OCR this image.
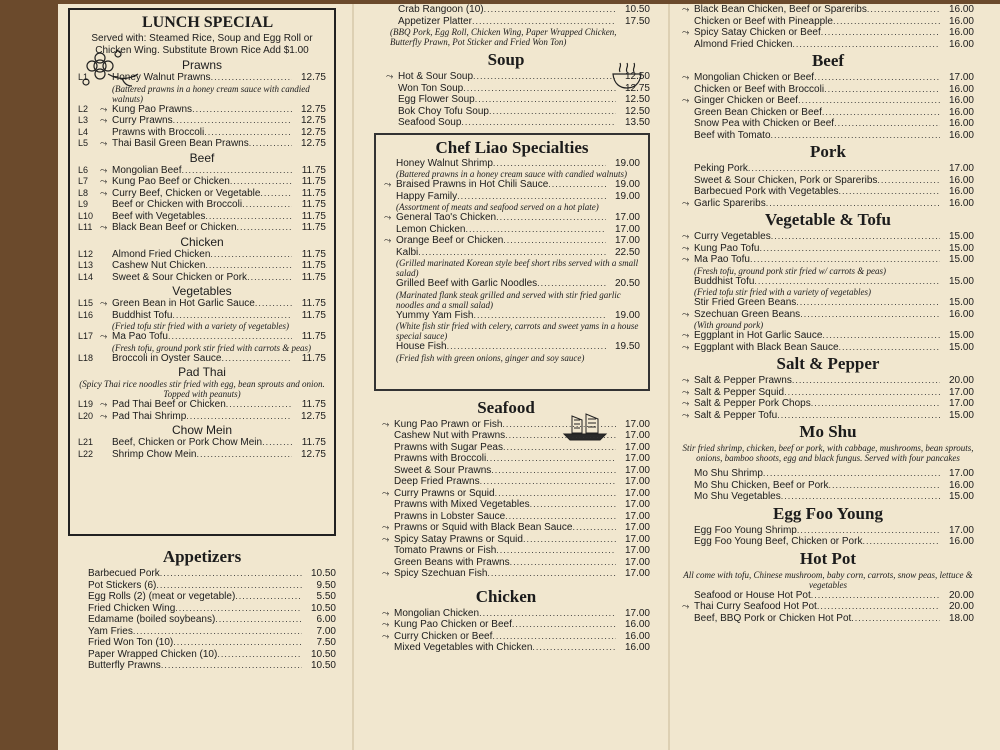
LUNCH SPECIAL
Served with: Steamed Rice, Soup and Egg Roll or Chicken Wing. Substitute Brown Rice Add $1.00
Prawns
L1	Honey Walnut Prawns .....	12.75
(Battered prawns in a honey cream sauce with candied walnuts)
L2	⤳ Kung Pao Prawns .....	12.75
L3	⤳ Curry Prawns .....	12.75
L4	Prawns with Broccoli .....	12.75
L5	⤳ Thai Basil Green Bean Prawns .....	12.75
Beef
L6	⤳ Mongolian Beef .....	11.75
L7	⤳ Kung Pao Beef or Chicken .....	11.75
L8	⤳ Curry Beef, Chicken or Vegetable .....	11.75
L9	Beef or Chicken with Broccoli .....	11.75
L10	Beef with Vegetables .....	11.75
L11 ⤳ Black Bean Beef or Chicken .....	11.75
Chicken
L12	Almond Fried Chicken .....	11.75
L13	Cashew Nut Chicken .....	11.75
L14	Sweet & Sour Chicken or Pork .....	11.75
Vegetables
L15 ⤳ Green Bean in Hot Garlic Sauce .....	11.75
L16	Buddhist Tofu .....	11.75
(Fried tofu stir fried with a variety of vegetables)
L17 ⤳ Ma Pao Tofu .....	11.75
(Fresh tofu, ground pork stir fried with carrots & peas)
L18	Broccoli in Oyster Sauce .....	11.75
Pad Thai
(Spicy Thai rice noodles stir fried with egg, bean sprouts and onion. Topped with peanuts)
L19 ⤳ Pad Thai Beef or Chicken .....	11.75
L20 ⤳ Pad Thai Shrimp .....	12.75
Chow Mein
L21	Beef, Chicken or Pork Chow Mein .....	11.75
L22	Shrimp Chow Mein .....	12.75
Appetizers
Barbecued Pork .....	10.50
Pot Stickers (6) .....	9.50
Egg Rolls (2) (meat or vegetable) .....	5.50
Fried Chicken Wing .....	10.50
Edamame (boiled soybeans) .....	6.00
Yam Fries .....	7.00
Fried Won Ton (10) .....	7.50
Paper Wrapped Chicken (10) .....	10.50
Butterfly Prawns .....	10.50
Crab Rangoon (10) .....	10.50
Appetizer Platter .....	17.50
(BBQ Pork, Egg Roll, Chicken Wing, Paper Wrapped Chicken, Butterfly Prawn, Pot Sticker and Fried Won Ton)
Soup
⤳ Hot & Sour Soup .....	12.50
Won Ton Soup .....	12.75
Egg Flower Soup .....	12.50
Bok Choy Tofu Soup .....	12.50
Seafood Soup .....	13.50
Chef Liao Specialties
Honey Walnut Shrimp .....	19.00
(Battered prawns in a honey cream sauce with candied walnuts)
⤳ Braised Prawns in Hot Chili Sauce .....	19.00
Happy Family .....	19.00
(Assortment of meats and seafood served on a hot plate)
⤳ General Tao's Chicken .....	17.00
Lemon Chicken .....	17.00
⤳ Orange Beef or Chicken .....	17.00
Kalbi .....	22.50
(Grilled marinated Korean style beef short ribs served with a small salad)
Grilled Beef with Garlic Noodles .....	20.50
(Marinated flank steak grilled and served with stir fried garlic noodles and a small salad)
Yummy Yam Fish .....	19.00
(White fish stir fried with celery, carrots and sweet yams in a house special sauce)
House Fish .....	19.50
(Fried fish with green onions, ginger and soy sauce)
Seafood
⤳ Kung Pao Prawn or Fish .....	17.00
Cashew Nut with Prawns .....	17.00
Prawns with Sugar Peas .....	17.00
Prawns with Broccoli .....	17.00
Sweet & Sour Prawns .....	17.00
Deep Fried Prawns .....	17.00
⤳ Curry Prawns or Squid .....	17.00
Prawns with Mixed Vegetables .....	17.00
Prawns in Lobster Sauce .....	17.00
⤳ Prawns or Squid with Black Bean Sauce .....	17.00
⤳ Spicy Satay Prawns or Squid .....	17.00
Tomato Prawns or Fish .....	17.00
Green Beans with Prawns .....	17.00
⤳ Spicy Szechuan Fish .....	17.00
Chicken
⤳ Mongolian Chicken .....	17.00
⤳ Kung Pao Chicken or Beef .....	16.00
⤳ Curry Chicken or Beef .....	16.00
Mixed Vegetables with Chicken .....	16.00
⤳ Black Bean Chicken, Beef or Spareribs .....	16.00
Chicken or Beef with Pineapple .....	16.00
⤳ Spicy Satay Chicken or Beef .....	16.00
Almond Fried Chicken .....	16.00
Beef
⤳ Mongolian Chicken or Beef .....	17.00
Chicken or Beef with Broccoli .....	16.00
⤳ Ginger Chicken or Beef .....	16.00
Green Bean Chicken or Beef .....	16.00
Snow Pea with Chicken or Beef .....	16.00
Beef with Tomato .....	16.00
Pork
Peking Pork .....	17.00
Sweet & Sour Chicken, Pork or Spareribs .....	16.00
Barbecued Pork with Vegetables .....	16.00
⤳ Garlic Spareribs .....	16.00
Vegetable & Tofu
⤳ Curry Vegetables .....	15.00
⤳ Kung Pao Tofu .....	15.00
⤳ Ma Pao Tofu .....	15.00
(Fresh tofu, ground pork stir fried w/ carrots & peas)
Buddhist Tofu .....	15.00
(Fried tofu stir fried with a variety of vegetables)
Stir Fried Green Beans .....	15.00
⤳ Szechuan Green Beans .....	16.00
(With ground pork)
⤳ Eggplant in Hot Garlic Sauce .....	15.00
⤳ Eggplant with Black Bean Sauce .....	15.00
Salt & Pepper
⤳ Salt & Pepper Prawns .....	20.00
⤳ Salt & Pepper Squid .....	17.00
⤳ Salt & Pepper Pork Chops .....	17.00
⤳ Salt & Pepper Tofu .....	15.00
Mo Shu
Stir fried shrimp, chicken, beef or pork, with cabbage, mushrooms, bean sprouts, onions, bamboo shoots, egg and black fungus. Served with four pancakes
Mo Shu Shrimp .....	17.00
Mo Shu Chicken, Beef or Pork .....	16.00
Mo Shu Vegetables .....	15.00
Egg Foo Young
Egg Foo Young Shrimp .....	17.00
Egg Foo Young Beef, Chicken or Pork .....	16.00
Hot Pot
All come with tofu, Chinese mushroom, baby corn, carrots, snow peas, lettuce & vegetables
Seafood or House Hot Pot .....	20.00
⤳ Thai Curry Seafood Hot Pot .....	20.00
Beef, BBQ Pork or Chicken Hot Pot .....	18.00
